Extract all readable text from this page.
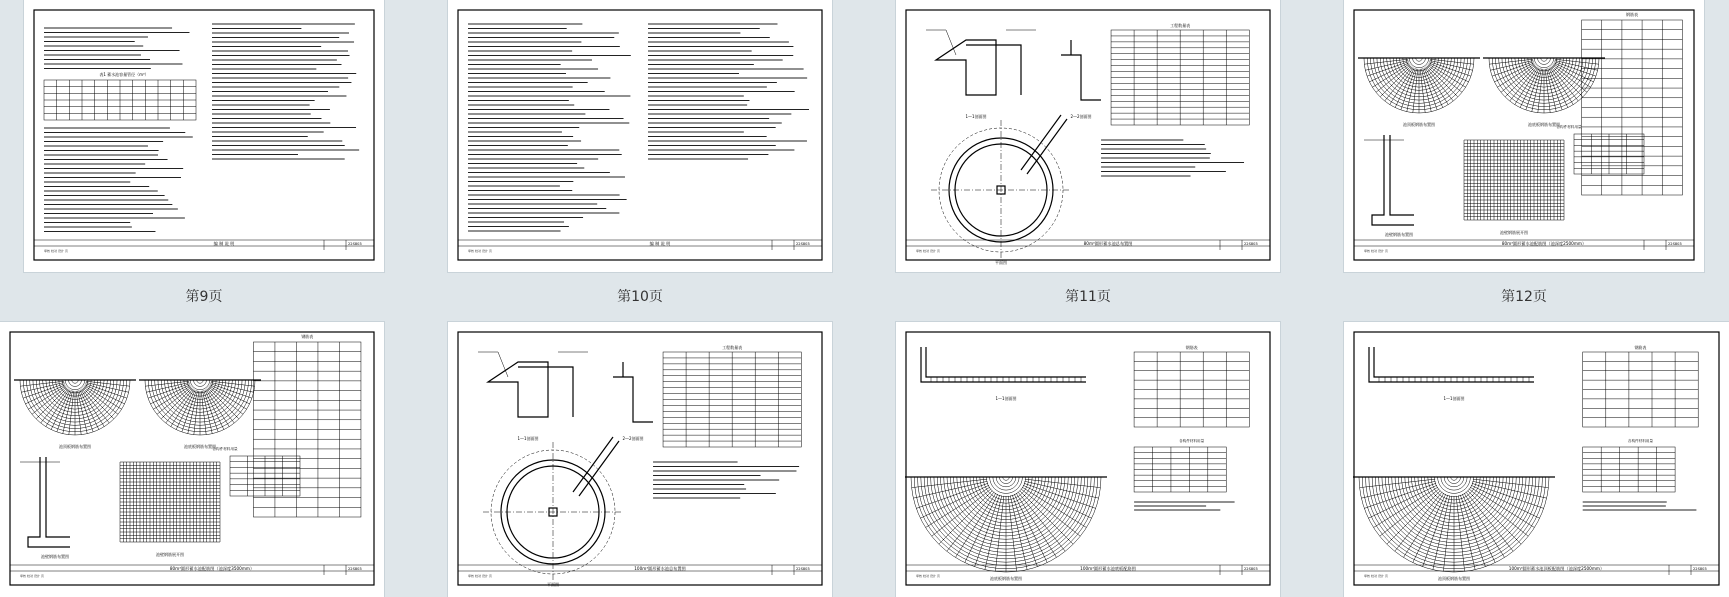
编 制 说 明	22S803
审核 校对 设计 页
表1 蓄水池容量管径（m³）
编 制 说 明	22S803
审核 校对 设计 页
80m³圆形蓄水池总布置图	22S803
审核 校对 设计 页
1—1剖面图	2—2剖面图
平面图
工程数量表
80m³圆形蓄水池配筋图（池深度2500mm）	22S803
审核 校对 设计 页
池顶板钢筋布置图	池底板钢筋布置图
池壁钢筋布置图	池壁钢筋展开图
钢筋表
各构件材料用量
第9页	第10页	第11页	第12页
80m³圆形蓄水池配筋图（池深度3500mm）	22S803
审核 校对 设计 页
池顶板钢筋布置图	池底板钢筋布置图
池壁钢筋布置图	池壁钢筋展开图
钢筋表
各构件材料用量
100m³圆形蓄水池总布置图	22S803
审核 校对 设计 页
1—1剖面图	2—2剖面图
平面图
工程数量表
100m³圆形蓄水池底板配筋图	22S803
审核 校对 设计 页
1—1剖面图
池底板钢筋布置图
钢筋表
各构件材料用量
100m³圆形蓄水池顶板配筋图（池深度2500mm）	22S803
审核 校对 设计 页
1—1剖面图
池顶板钢筋布置图
钢筋表
各构件材料用量
